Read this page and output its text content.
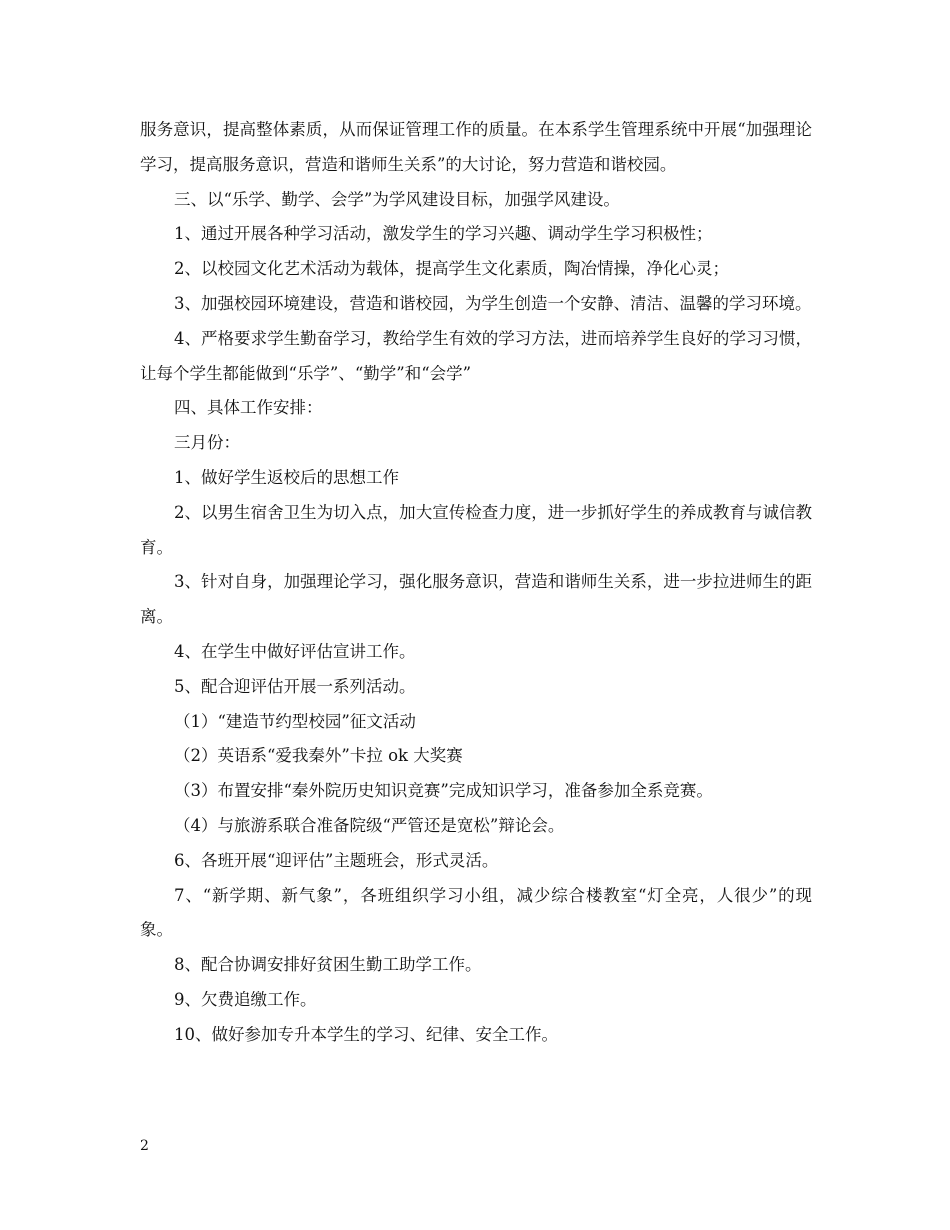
服务意识，提高整体素质，从而保证管理工作的质量。在本系学生管理系统中开展“加强理论学习，提高服务意识，营造和谐师生关系”的大讨论，努力营造和谐校园。

三、以“乐学、勤学、会学”为学风建设目标，加强学风建设。

1、通过开展各种学习活动，激发学生的学习兴趣、调动学生学习积极性；

2、以校园文化艺术活动为载体，提高学生文化素质，陶冶情操，净化心灵；

3、加强校园环境建设，营造和谐校园，为学生创造一个安静、清洁、温馨的学习环境。

4、严格要求学生勤奋学习，教给学生有效的学习方法，进而培养学生良好的学习习惯，让每个学生都能做到“乐学”、“勤学”和“会学”

四、具体工作安排：

三月份：

1、做好学生返校后的思想工作

2、以男生宿舍卫生为切入点，加大宣传检查力度，进一步抓好学生的养成教育与诚信教育。

3、针对自身，加强理论学习，强化服务意识，营造和谐师生关系，进一步拉进师生的距离。

4、在学生中做好评估宣讲工作。

5、配合迎评估开展一系列活动。

（1）“建造节约型校园”征文活动

（2）英语系“爱我秦外”卡拉 ok 大奖赛

（3）布置安排“秦外院历史知识竞赛”完成知识学习，准备参加全系竞赛。

（4）与旅游系联合准备院级“严管还是宽松”辩论会。

6、各班开展“迎评估”主题班会，形式灵活。

7、“新学期、新气象”，各班组织学习小组，减少综合楼教室“灯全亮，人很少”的现象。

8、配合协调安排好贫困生勤工助学工作。

9、欠费追缴工作。

10、做好参加专升本学生的学习、纪律、安全工作。

2
